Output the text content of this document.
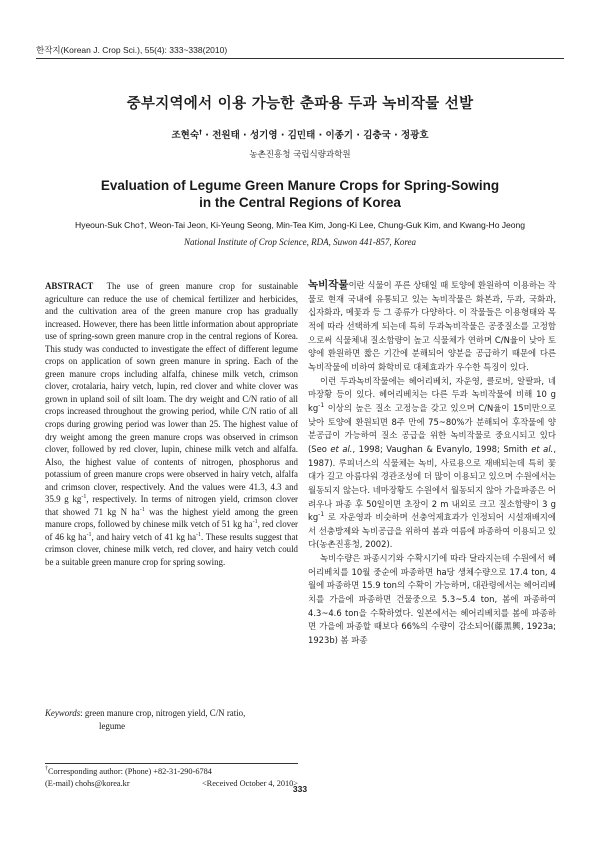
한작지(Korean J. Crop Sci.), 55(4): 333~338(2010)
중부지역에서 이용 가능한 춘파용 두과 녹비작물 선발
조현숙† · 전원태 · 성기영 · 김민태 · 이종기 · 김충국 · 정광호
농촌진흥청 국립식량과학원
Evaluation of Legume Green Manure Crops for Spring-Sowing
in the Central Regions of Korea
Hyeoun-Suk Cho†, Weon-Tai Jeon, Ki-Yeung Seong, Min-Tea Kim, Jong-Ki Lee, Chung-Guk Kim, and Kwang-Ho Jeong
National Institute of Crop Science, RDA, Suwon 441-857, Korea
ABSTRACT The use of green manure crop for sustainable agriculture can reduce the use of chemical fertilizer and herbicides, and the cultivation area of the green manure crop has gradually increased. However, there has been little information about appropriate use of spring-sown green manure crop in the central regions of Korea. This study was conducted to investigate the effect of different legume crops on application of sown green manure in spring. Each of the green manure crops including alfalfa, chinese milk vetch, crimson clover, crotalaria, hairy vetch, lupin, red clover and white clover was grown in upland soil of silt loam. The dry weight and C/N ratio of all crops increased throughout the growing period, while C/N ratio of all crops during growing period was lower than 25. The highest value of dry weight among the green manure crops was observed in crimson clover, followed by red clover, lupin, chinese milk vetch and alfalfa. Also, the highest value of contents of nitrogen, phosphorus and potassium of green manure crops were observed in hairy vetch, alfalfa and crimson clover, respectively. And the values were 41.3, 4.3 and 35.9 g $kg^{-1}$, respectively. In terms of nitrogen yield, crimson clover that showed 71 kg N $ha^{-1}$ was the highest yield among the green manure crops, followed by chinese milk vetch of 51 kg $ha^{-1}$, red clover of 46 kg $ha^{-1}$, and hairy vetch of 41 kg $ha^{-1}$. These results suggest that crimson clover, chinese milk vetch, red clover, and hairy vetch could be a suitable green manure crop for spring sowing.
Keywords: green manure crop, nitrogen yield, C/N ratio,
legume
†Corresponding author: (Phone) +82-31-290-6784
(E-mail) chohs@korea.kr	<Received October 4, 2010>

녹비작물이란 식물이 푸른 상태일 때 토양에 환원하여 이용하는 작물로 현재 국내에 유통되고 있는 녹비작물은 화본과, 두과, 국화과, 십자화과, 메꽃과 등 그 종류가 다양하다. 이 작물들은 이용형태와 목적에 따라 선택하게 되는데 특히 두과녹비작물은 공중질소를 고정함으로써 식물체내 질소함량이 높고 식물체가 연하며 C/N율이 낮아 토양에 환원하면 짧은 기간에 분해되어 양분을 공급하기 때문에 다른 녹비작물에 비하여 화학비료 대체효과가 우수한 특징이 있다.

이런 두과녹비작물에는 헤어리베치, 자운영, 클로버, 알팔파, 네마장황 등이 있다. 헤어리베치는 다른 두과 녹비작물에 비해 10 g $kg^{-1}$ 이상의 높은 질소 고정능을 갖고 있으며 C/N율이 15미만으로 낮아 토양에 환원되면 8주 만에 75~80%가 분해되어 후작물에 양분공급이 가능하여 질소 공급을 위한 녹비작물로 중요시되고 있다(Seo et al., 1998; Vaughan & Evanylo, 1998; Smith et al., 1987). 루피너스의 식물체는 녹비, 사료용으로 재배되는데 특히 꽃대가 길고 아름다워 경관조성에 더 많이 이용되고 있으며 수원에서는 월동되지 않는다. 네마장황도 수원에서 월동되지 않아 가을파종은 어려우나 파종 후 50일이면 초장이 2 m 내외로 크고 질소함량이 3 g $kg^{-1}$ 로 자운영과 비슷하며 선충억제효과가 인정되어 시설재배지에서 선충방제와 녹비공급을 위하여 봄과 여름에 파종하여 이용되고 있다(농촌진흥청, 2002).

녹비수량은 파종시기와 수확시기에 따라 달라지는데 수원에서 헤어리베치를 10월 중순에 파종하면 ha당 생체수량으로 17.4 ton, 4월에 파종하면 15.9 ton의 수확이 가능하며, 대관령에서는 헤어리베치를 가을에 파종하면 건물중으로 5.3~5.4 ton, 봄에 파종하여 4.3~4.6 ton을 수확하였다. 일본에서는 헤어리베치를 봄에 파종하면 가을에 파종할 때보다 66%의 수량이 감소되어(藤黑興, 1923a; 1923b) 봄 파종

333
